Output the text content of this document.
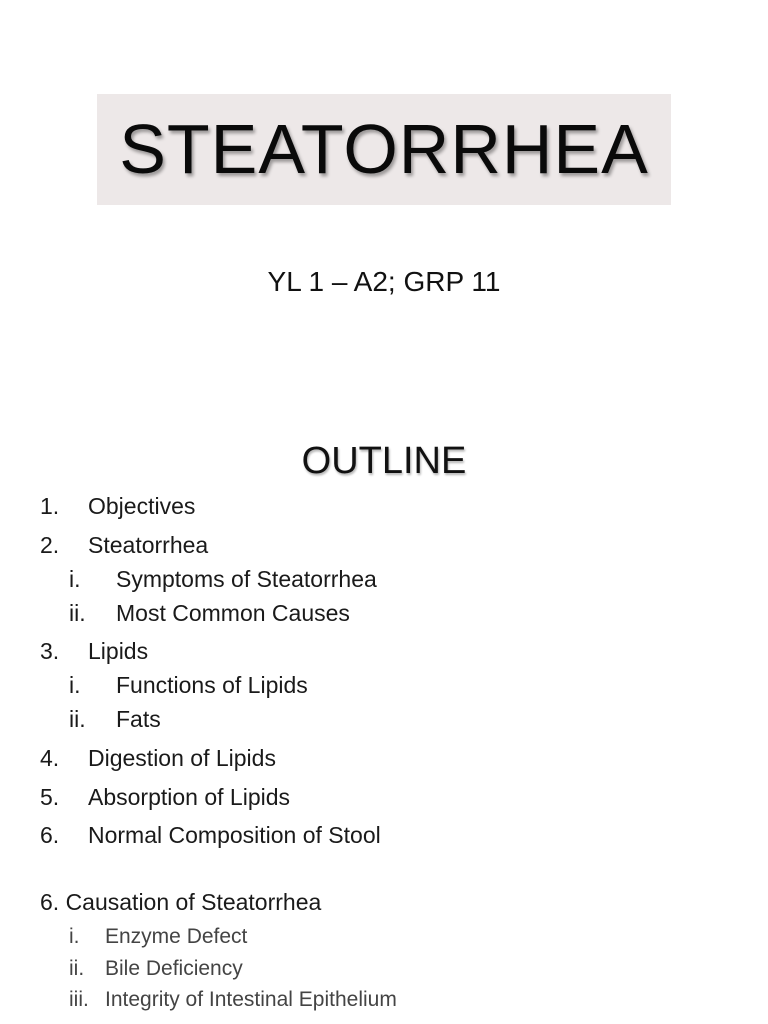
STEATORRHEA
YL 1 – A2; GRP 11
OUTLINE
1. Objectives
2. Steatorrhea
i. Symptoms of Steatorrhea
ii. Most Common Causes
3. Lipids
i. Functions of Lipids
ii. Fats
4. Digestion of Lipids
5. Absorption of Lipids
6. Normal Composition of Stool
6. Causation of Steatorrhea
i. Enzyme Defect
ii. Bile Deficiency
iii. Integrity of Intestinal Epithelium
